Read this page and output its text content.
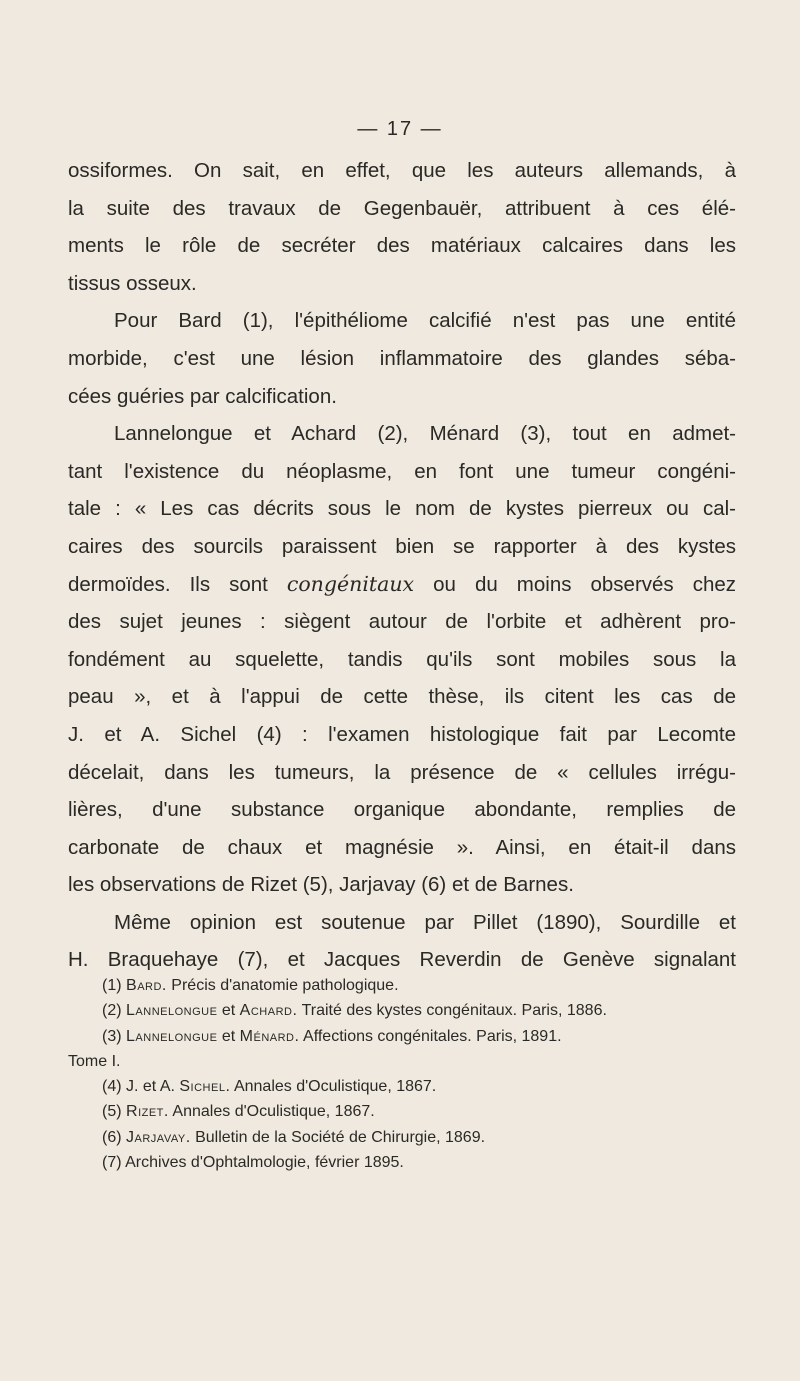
— 17 —
ossiformes. On sait, en effet, que les auteurs allemands, à
la suite des travaux de Gegenbauër, attribuent à ces élé-
ments le rôle de secréter des matériaux calcaires dans les
tissus osseux.
Pour Bard (1), l'épithéliome calcifié n'est pas une entité
morbide, c'est une lésion inflammatoire des glandes séba-
cées guéries par calcification.
Lannelongue et Achard (2), Ménard (3), tout en admet-
tant l'existence du néoplasme, en font une tumeur congéni-
tale : « Les cas décrits sous le nom de kystes pierreux ou cal-
caires des sourcils paraissent bien se rapporter à des kystes
dermoïdes. Ils sont congénitaux ou du moins observés chez
des sujet jeunes : siègent autour de l'orbite et adhèrent pro-
fondément au squelette, tandis qu'ils sont mobiles sous la
peau », et à l'appui de cette thèse, ils citent les cas de
J. et A. Sichel (4) : l'examen histologique fait par Lecomte
décelait, dans les tumeurs, la présence de « cellules irrégu-
lières, d'une substance organique abondante, remplies de
carbonate de chaux et magnésie ». Ainsi, en était-il dans
les observations de Rizet (5), Jarjavay (6) et de Barnes.
Même opinion est soutenue par Pillet (1890), Sourdille et
H. Braquehaye (7), et Jacques Reverdin de Genève signalant
(1) Bard. Précis d'anatomie pathologique.
(2) Lannelongue et Achard. Traité des kystes congénitaux. Paris, 1886.
(3) Lannelongue et Ménard. Affections congénitales. Paris, 1891.
Tome I.
(4) J. et A. Sichel. Annales d'Oculistique, 1867.
(5) Rizet. Annales d'Oculistique, 1867.
(6) Jarjavay. Bulletin de la Société de Chirurgie, 1869.
(7) Archives d'Ophtalmologie, février 1895.
